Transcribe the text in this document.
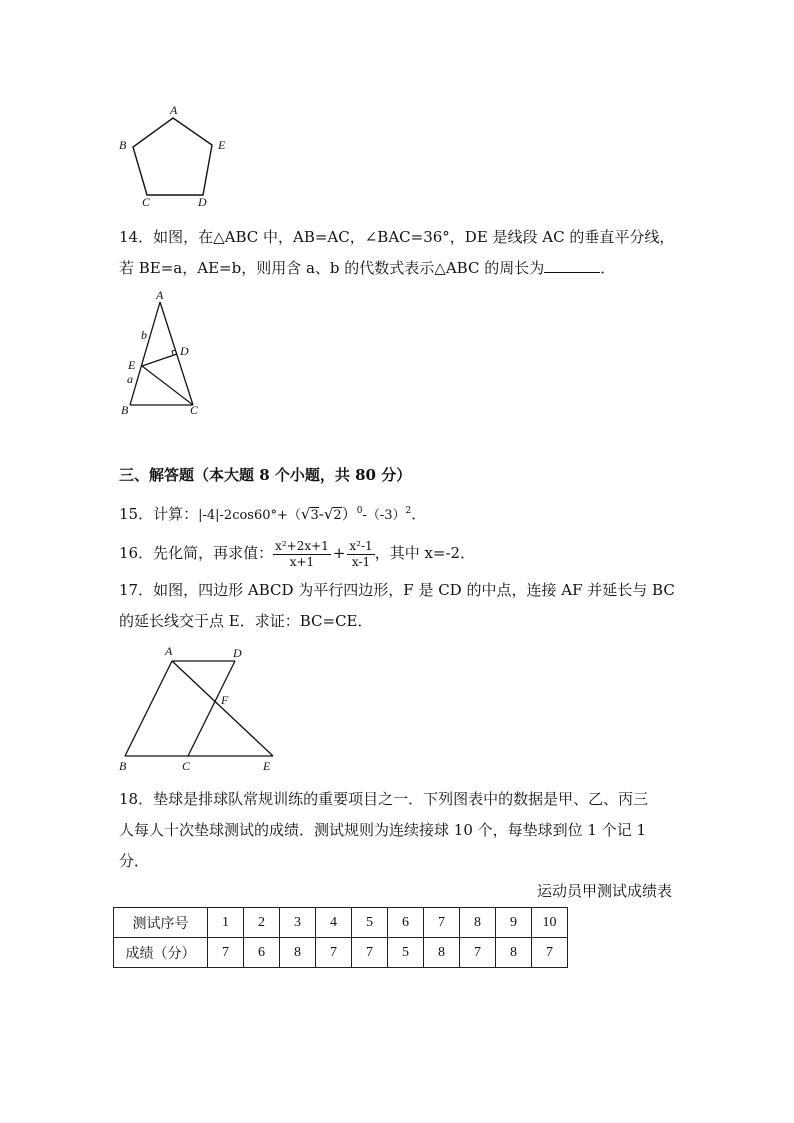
A
B	E
C	D
14．如图，在△ABC 中，AB=AC，∠BAC=36°，DE 是线段 AC 的垂直平分线，
若 BE=a，AE=b，则用含 a、b 的代数式表示△ABC 的周长为	．
A
b
D
E
a
B	C
三、解答题（本大题 8 个小题，共 80 分）
15．计算：$|-4|-2\cos 60^\circ+(√3-√2)^0-(-3)^2$．
16．先化简，再求值： $\frac{\text{x²+2x+1}}{x+1} + \frac{\text{x²-1}}{x-1}$ ，其中 x=-2．
17．如图，四边形 ABCD 为平行四边形，F 是 CD 的中点，连接 AF 并延长与 BC
的延长线交于点 E．求证：BC=CE．
A	D
F
B	C	E
18．垫球是排球队常规训练的重要项目之一．下列图表中的数据是甲、乙、丙三
人每人十次垫球测试的成绩．测试规则为连续接球 10 个，每垫球到位 1 个记 1
分．
运动员甲测试成绩表
测试序号	1	2	3	4	5	6	7	8	9	10
成绩（分）	7	6	8	7	7	5	8	7	8	7
